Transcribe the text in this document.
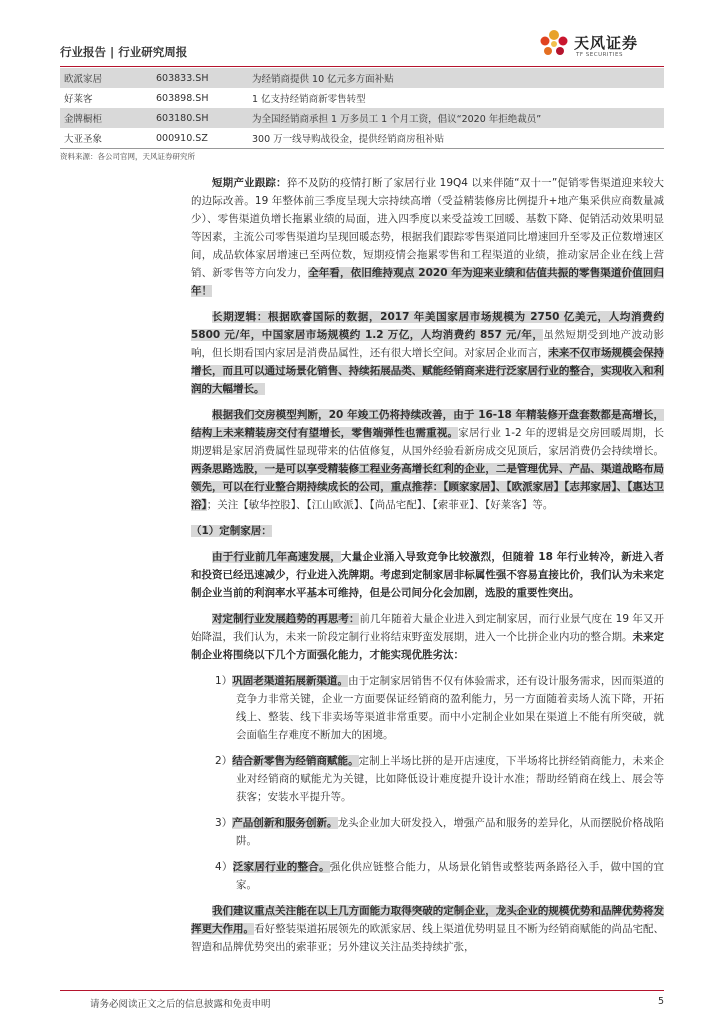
行业报告 | 行业研究周报	天风证券
TF SECURITIES
欧派家居	603833.SH	为经销商提供 10 亿元多方面补贴
好莱客	603898.SH	1 亿支持经销商新零售转型
金牌橱柜	603180.SH	为全国经销商承担 1 万多员工 1 个月工资，倡议“2020 年拒绝裁员”
大亚圣象	000910.SZ	300 万一线导购战役金，提供经销商房租补贴
资料来源：各公司官网，天风证券研究所

短期产业跟踪：猝不及防的疫情打断了家居行业 19Q4 以来伴随“双十一”促销零售渠道迎来较大的边际改善。19 年整体前三季度呈现大宗持续高增（受益精装修房比例提升+地产集采供应商数量减少）、零售渠道负增长拖累业绩的局面，进入四季度以来受益竣工回暖、基数下降、促销活动效果明显等因素，主流公司零售渠道均呈现回暖态势，根据我们跟踪零售渠道同比增速回升至零及正位数增速区间，成品软体家居增速已至两位数，短期疫情会拖累零售和工程渠道的业绩，推动家居企业在线上营销、新零售等方向发力，全年看，依旧维持观点 2020 年为迎来业绩和估值共振的零售渠道价值回归年！

长期逻辑：根据欧睿国际的数据，2017 年美国家居市场规模为 2750 亿美元，人均消费约 5800 元/年，中国家居市场规模约 1.2 万亿，人均消费约 857 元/年，虽然短期受到地产波动影响，但长期看国内家居是消费品属性，还有很大增长空间。对家居企业而言，未来不仅市场规模会保持增长，而且可以通过场景化销售、持续拓展品类、赋能经销商来进行泛家居行业的整合，实现收入和利润的大幅增长。

根据我们交房模型判断，20 年竣工仍将持续改善，由于 16-18 年精装修开盘套数都是高增长，结构上未来精装房交付有望增长，零售端弹性也需重视。家居行业 1-2 年的逻辑是交房回暖周期，长期逻辑是家居消费属性显现带来的估值修复，从国外经验看新房成交见顶后，家居消费仍会持续增长。两条思路选股，一是可以享受精装修工程业务高增长红利的企业，二是管理优异、产品、渠道战略布局领先，可以在行业整合期持续成长的公司，重点推荐：【顾家家居】、【欧派家居】【志邦家居】、【惠达卫浴】；关注【敏华控股】、【江山欧派】、【尚品宅配】、【索菲亚】、【好莱客】等。

（1）定制家居：

由于行业前几年高速发展，大量企业涌入导致竞争比较激烈，但随着 18 年行业转冷，新进入者和投资已经迅速减少，行业进入洗牌期。考虑到定制家居非标属性强不容易直接比价，我们认为未来定制企业当前的利润率水平基本可维持，但是公司间分化会加剧，选股的重要性突出。

对定制行业发展趋势的再思考：前几年随着大量企业进入到定制家居，而行业景气度在 19 年又开始降温，我们认为，未来一阶段定制行业将结束野蛮发展期，进入一个比拼企业内功的整合期。未来定制企业将围绕以下几个方面强化能力，才能实现优胜劣汰：

1）巩固老渠道拓展新渠道。由于定制家居销售不仅有体验需求，还有设计服务需求，因而渠道的竞争力非常关键，企业一方面要保证经销商的盈利能力，另一方面随着卖场人流下降，开拓线上、整装、线下非卖场等渠道非常重要。而中小定制企业如果在渠道上不能有所突破，就会面临生存难度不断加大的困境。

2）结合新零售为经销商赋能。定制上半场比拼的是开店速度，下半场将比拼经销商能力，未来企业对经销商的赋能尤为关键，比如降低设计难度提升设计水准；帮助经销商在线上、展会等获客；安装水平提升等。

3）产品创新和服务创新。龙头企业加大研发投入，增强产品和服务的差异化，从而摆脱价格战陷阱。

4）泛家居行业的整合。强化供应链整合能力，从场景化销售或整装两条路径入手，做中国的宜家。

我们建议重点关注能在以上几方面能力取得突破的定制企业，龙头企业的规模优势和品牌优势将发挥更大作用。看好整装渠道拓展领先的欧派家居、线上渠道优势明显且不断为经销商赋能的尚品宅配、智造和品牌优势突出的索菲亚；另外建议关注品类持续扩张，

请务必阅读正文之后的信息披露和免责申明	5
